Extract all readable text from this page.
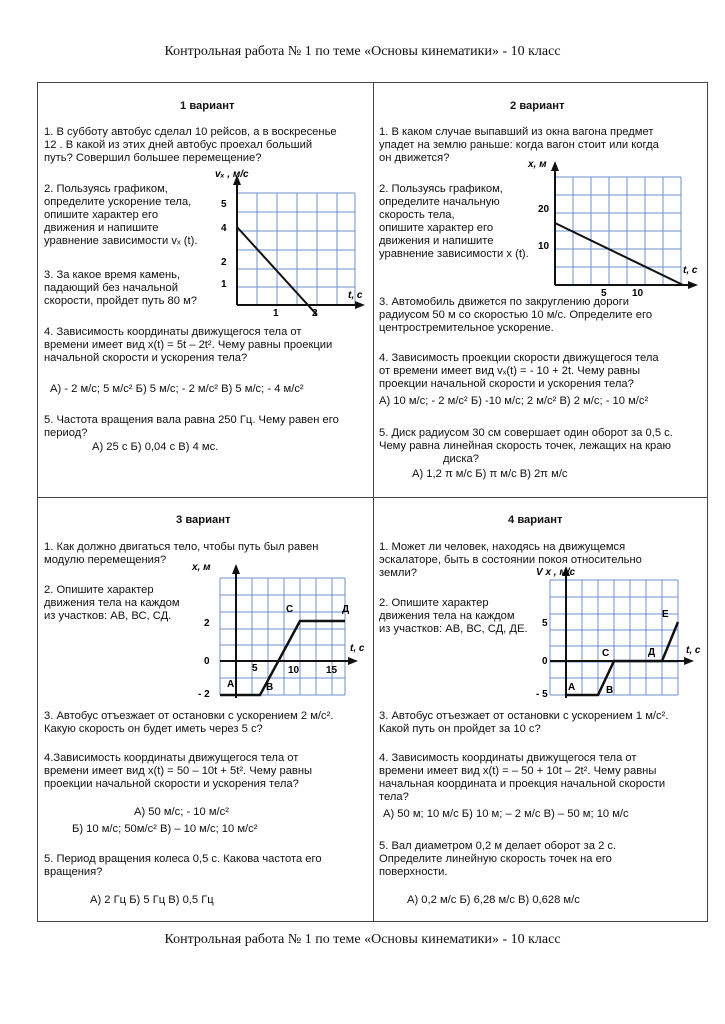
Контрольная работа № 1 по теме «Основы кинематики» - 10 класс
1 вариант
1. В субботу автобус сделал 10 рейсов, а в воскресенье
12 . В какой из этих дней автобус проехал больший
путь? Совершил большее перемещение?
2. Пользуясь графиком,
определите ускорение тела,
опишите характер его
движения и напишите
уравнение зависимости vₓ (t).
3. За какое время камень,
падающий без начальной
скорости, пройдет путь 80 м?
4. Зависимость координаты движущегося тела от
времени имеет вид x(t) = 5t – 2t². Чему равны проекции
начальной скорости и ускорения тела?
А) - 2 м/с; 5 м/с² Б) 5 м/с; - 2 м/с² В) 5 м/с; - 4 м/с²
5. Частота вращения вала равна 250 Гц. Чему равен его
период?
А) 25 с Б) 0,04 с В) 4 мс.
vₓ , м/с
t, с
5
4
2
1
1	2
2 вариант
1. В каком случае выпавший из окна вагона предмет
упадет на землю раньше: когда вагон стоит или когда
он движется?
2. Пользуясь графиком,
определите начальную
скорость тела,
опишите характер его
движения и напишите
уравнение зависимости x (t).
3. Автомобиль движется по закруглению дороги
радиусом 50 м со скоростью 10 м/с. Определите его
центростремительное ускорение.
4. Зависимость проекции скорости движущегося тела
от времени имеет вид vₓ(t) = - 10 + 2t. Чему равны
проекции начальной скорости и ускорения тела?
А) 10 м/с; - 2 м/с² Б) -10 м/с; 2 м/с² В) 2 м/с; - 10 м/с²
5. Диск радиусом 30 см совершает один оборот за 0,5 с.
Чему равна линейная скорость точек, лежащих на краю
диска?
А) 1,2 π м/с Б) π м/с В) 2π м/с
x, м
t, с
20
10
5	10
3 вариант
1. Как должно двигаться тело, чтобы путь был равен
модулю перемещения?
2. Опишите характер
движения тела на каждом
из участков: АВ, ВС, СД.
3. Автобус отъезжает от остановки с ускорением 2 м/с².
Какую скорость он будет иметь через 5 с?
4.Зависимость координаты движущегося тела от
времени имеет вид x(t) = 50 – 10t + 5t². Чему равны
проекции начальной скорости и ускорения тела?
А) 50 м/с; - 10 м/с²
Б) 10 м/с; 50м/с² В) – 10 м/с; 10 м/с²
5. Период вращения колеса 0,5 с. Какова частота его
вращения?
А) 2 Гц Б) 5 Гц В) 0,5 Гц
x, м
t, с
2
0
- 2
5	10	15
А	В
С	Д
4 вариант
1. Может ли человек, находясь на движущемся
эскалаторе, быть в состоянии покоя относительно
земли?
2. Опишите характер
движения тела на каждом
из участков: АВ, ВС, СД, ДЕ.
3. Автобус отъезжает от остановки с ускорением 1 м/с².
Какой путь он пройдет за 10 с?
4. Зависимость координаты движущегося тела от
времени имеет вид x(t) = – 50 + 10t – 2t². Чему равны
начальная координата и проекция начальной скорости
тела?
А) 50 м; 10 м/с Б) 10 м; – 2 м/с В) – 50 м; 10 м/с
5. Вал диаметром 0,2 м делает оборот за 2 с.
Определите линейную скорость точек на его
поверхности.
А) 0,2 м/с Б) 6,28 м/с В) 0,628 м/с
V x , м/с
t, с
5
0
- 5
А	В
С	Д
Е
Контрольная работа № 1 по теме «Основы кинематики» - 10 класс
